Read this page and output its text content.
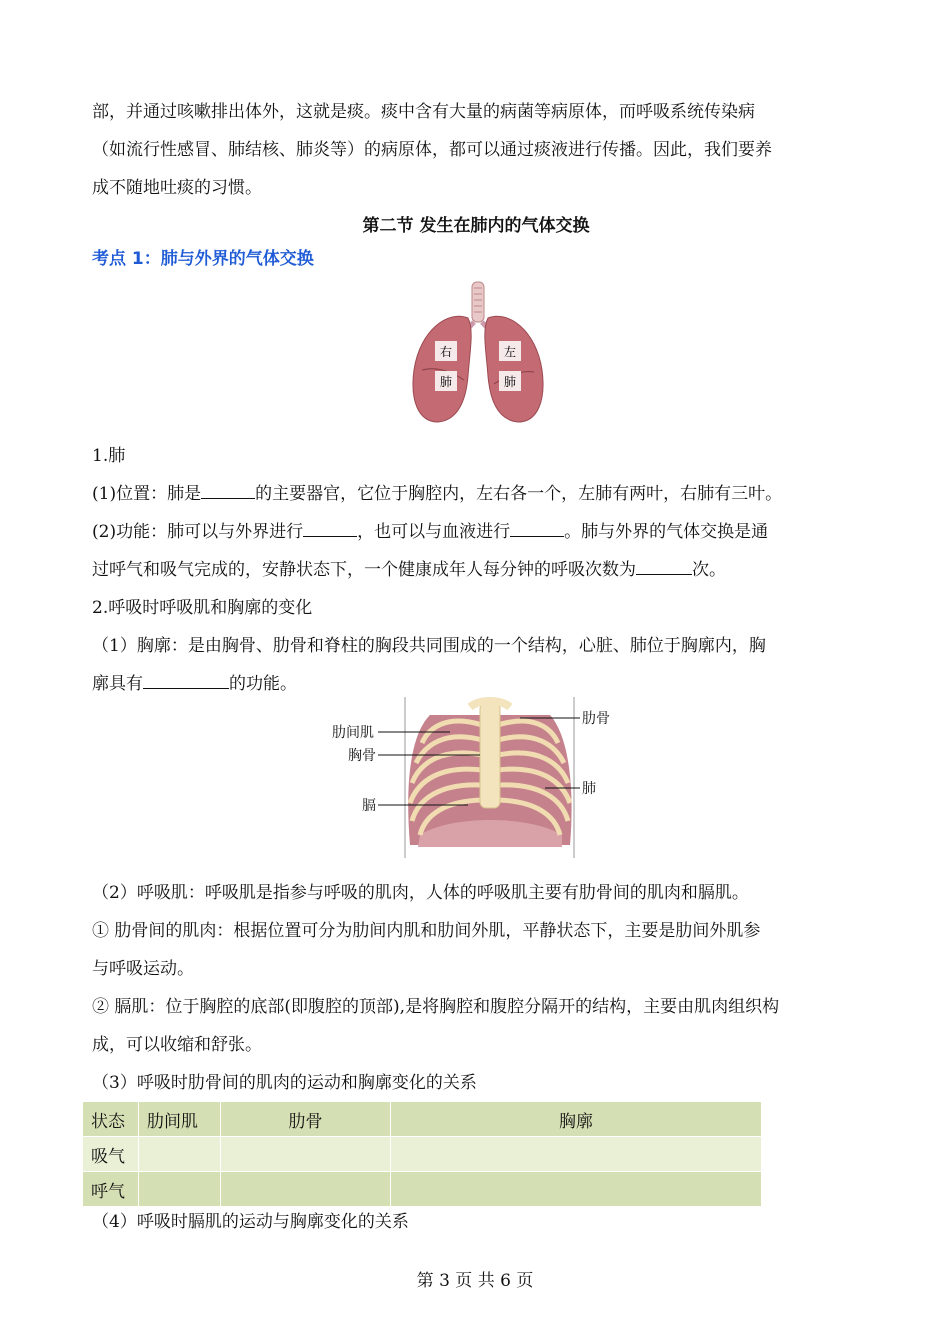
部，并通过咳嗽排出体外，这就是痰。痰中含有大量的病菌等病原体，而呼吸系统传染病

（如流行性感冒、肺结核、肺炎等）的病原体，都可以通过痰液进行传播。因此，我们要养

成不随地吐痰的习惯。

第二节 发生在肺内的气体交换

考点 1：肺与外界的气体交换

右
肺
左
肺

1.肺

(1)位置：肺是	的主要器官，它位于胸腔内，左右各一个，左肺有两叶，右肺有三叶。

(2)功能：肺可以与外界进行	，也可以与血液进行	。肺与外界的气体交换是通

过呼气和吸气完成的，安静状态下，一个健康成年人每分钟的呼吸次数为	次。

2.呼吸时呼吸肌和胸廓的变化

（1）胸廓：是由胸骨、肋骨和脊柱的胸段共同围成的一个结构，心脏、肺位于胸廓内，胸

廓具有	的功能。

肋间肌
胸骨
膈
肋骨
肺

（2）呼吸肌：呼吸肌是指参与呼吸的肌肉，人体的呼吸肌主要有肋骨间的肌肉和膈肌。

① 肋骨间的肌肉：根据位置可分为肋间内肌和肋间外肌，平静状态下，主要是肋间外肌参

与呼吸运动。

② 膈肌：位于胸腔的底部(即腹腔的顶部),是将胸腔和腹腔分隔开的结构，主要由肌肉组织构

成，可以收缩和舒张。

（3）呼吸时肋骨间的肌肉的运动和胸廓变化的关系

状态	肋间肌	肋骨	胸廓
吸气			
呼气			

（4）呼吸时膈肌的运动与胸廓变化的关系

第 3 页 共 6 页
